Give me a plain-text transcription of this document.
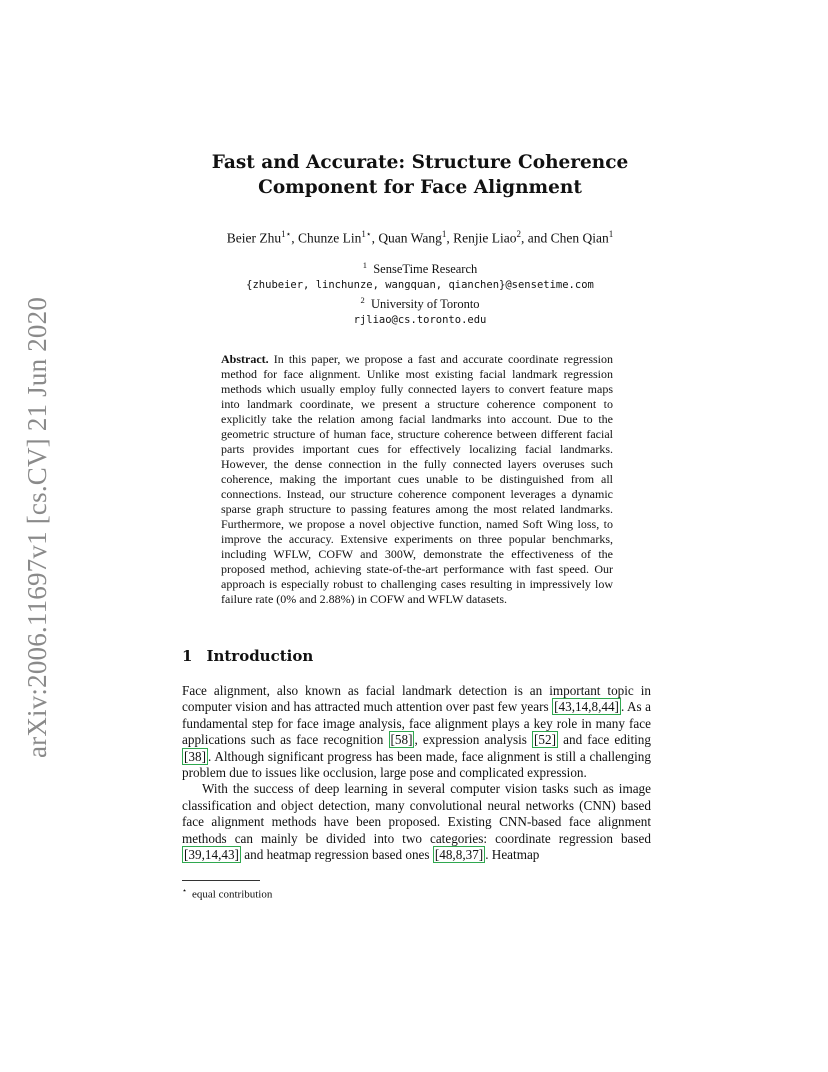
arXiv:2006.11697v1 [cs.CV] 21 Jun 2020
Fast and Accurate: Structure Coherence
Component for Face Alignment
Beier Zhu$^{1⋆}$, Chunze Lin$^{1⋆}$, Quan Wang$^1$, Renjie Liao$^2$, and Chen Qian$^1$
$^1$ SenseTime Research
{zhubeier, linchunze, wangquan, qianchen}@sensetime.com
$^2$ University of Toronto
rjliao@cs.toronto.edu

Abstract. In this paper, we propose a fast and accurate coordinate regression method for face alignment. Unlike most existing facial landmark regression methods which usually employ fully connected layers to convert feature maps into landmark coordinate, we present a structure coherence component to explicitly take the relation among facial landmarks into account. Due to the geometric structure of human face, structure coherence between different facial parts provides important cues for effectively localizing facial landmarks. However, the dense connection in the fully connected layers overuses such coherence, making the important cues unable to be distinguished from all connections. Instead, our structure coherence component leverages a dynamic sparse graph structure to passing features among the most related landmarks. Furthermore, we propose a novel objective function, named Soft Wing loss, to improve the accuracy. Extensive experiments on three popular benchmarks, including WFLW, COFW and 300W, demonstrate the effectiveness of the proposed method, achieving state-of-the-art performance with fast speed. Our approach is especially robust to challenging cases resulting in impressively low failure rate (0% and 2.88%) in COFW and WFLW datasets.

1 Introduction

Face alignment, also known as facial landmark detection is an important topic in computer vision and has attracted much attention over past few years [43,14,8,44] . As a fundamental step for face image analysis, face alignment plays a key role in many face applications such as face recognition [58] , expression analysis [52] and face editing [38] . Although significant progress has been made, face alignment is still a challenging problem due to issues like occlusion, large pose and complicated expression.

With the success of deep learning in several computer vision tasks such as image classification and object detection, many convolutional neural networks (CNN) based face alignment methods have been proposed. Existing CNN-based face alignment methods can mainly be divided into two categories: coordinate regression based [39,14,43] and heatmap regression based ones [48,8,37] . Heatmap

⋆ equal contribution
